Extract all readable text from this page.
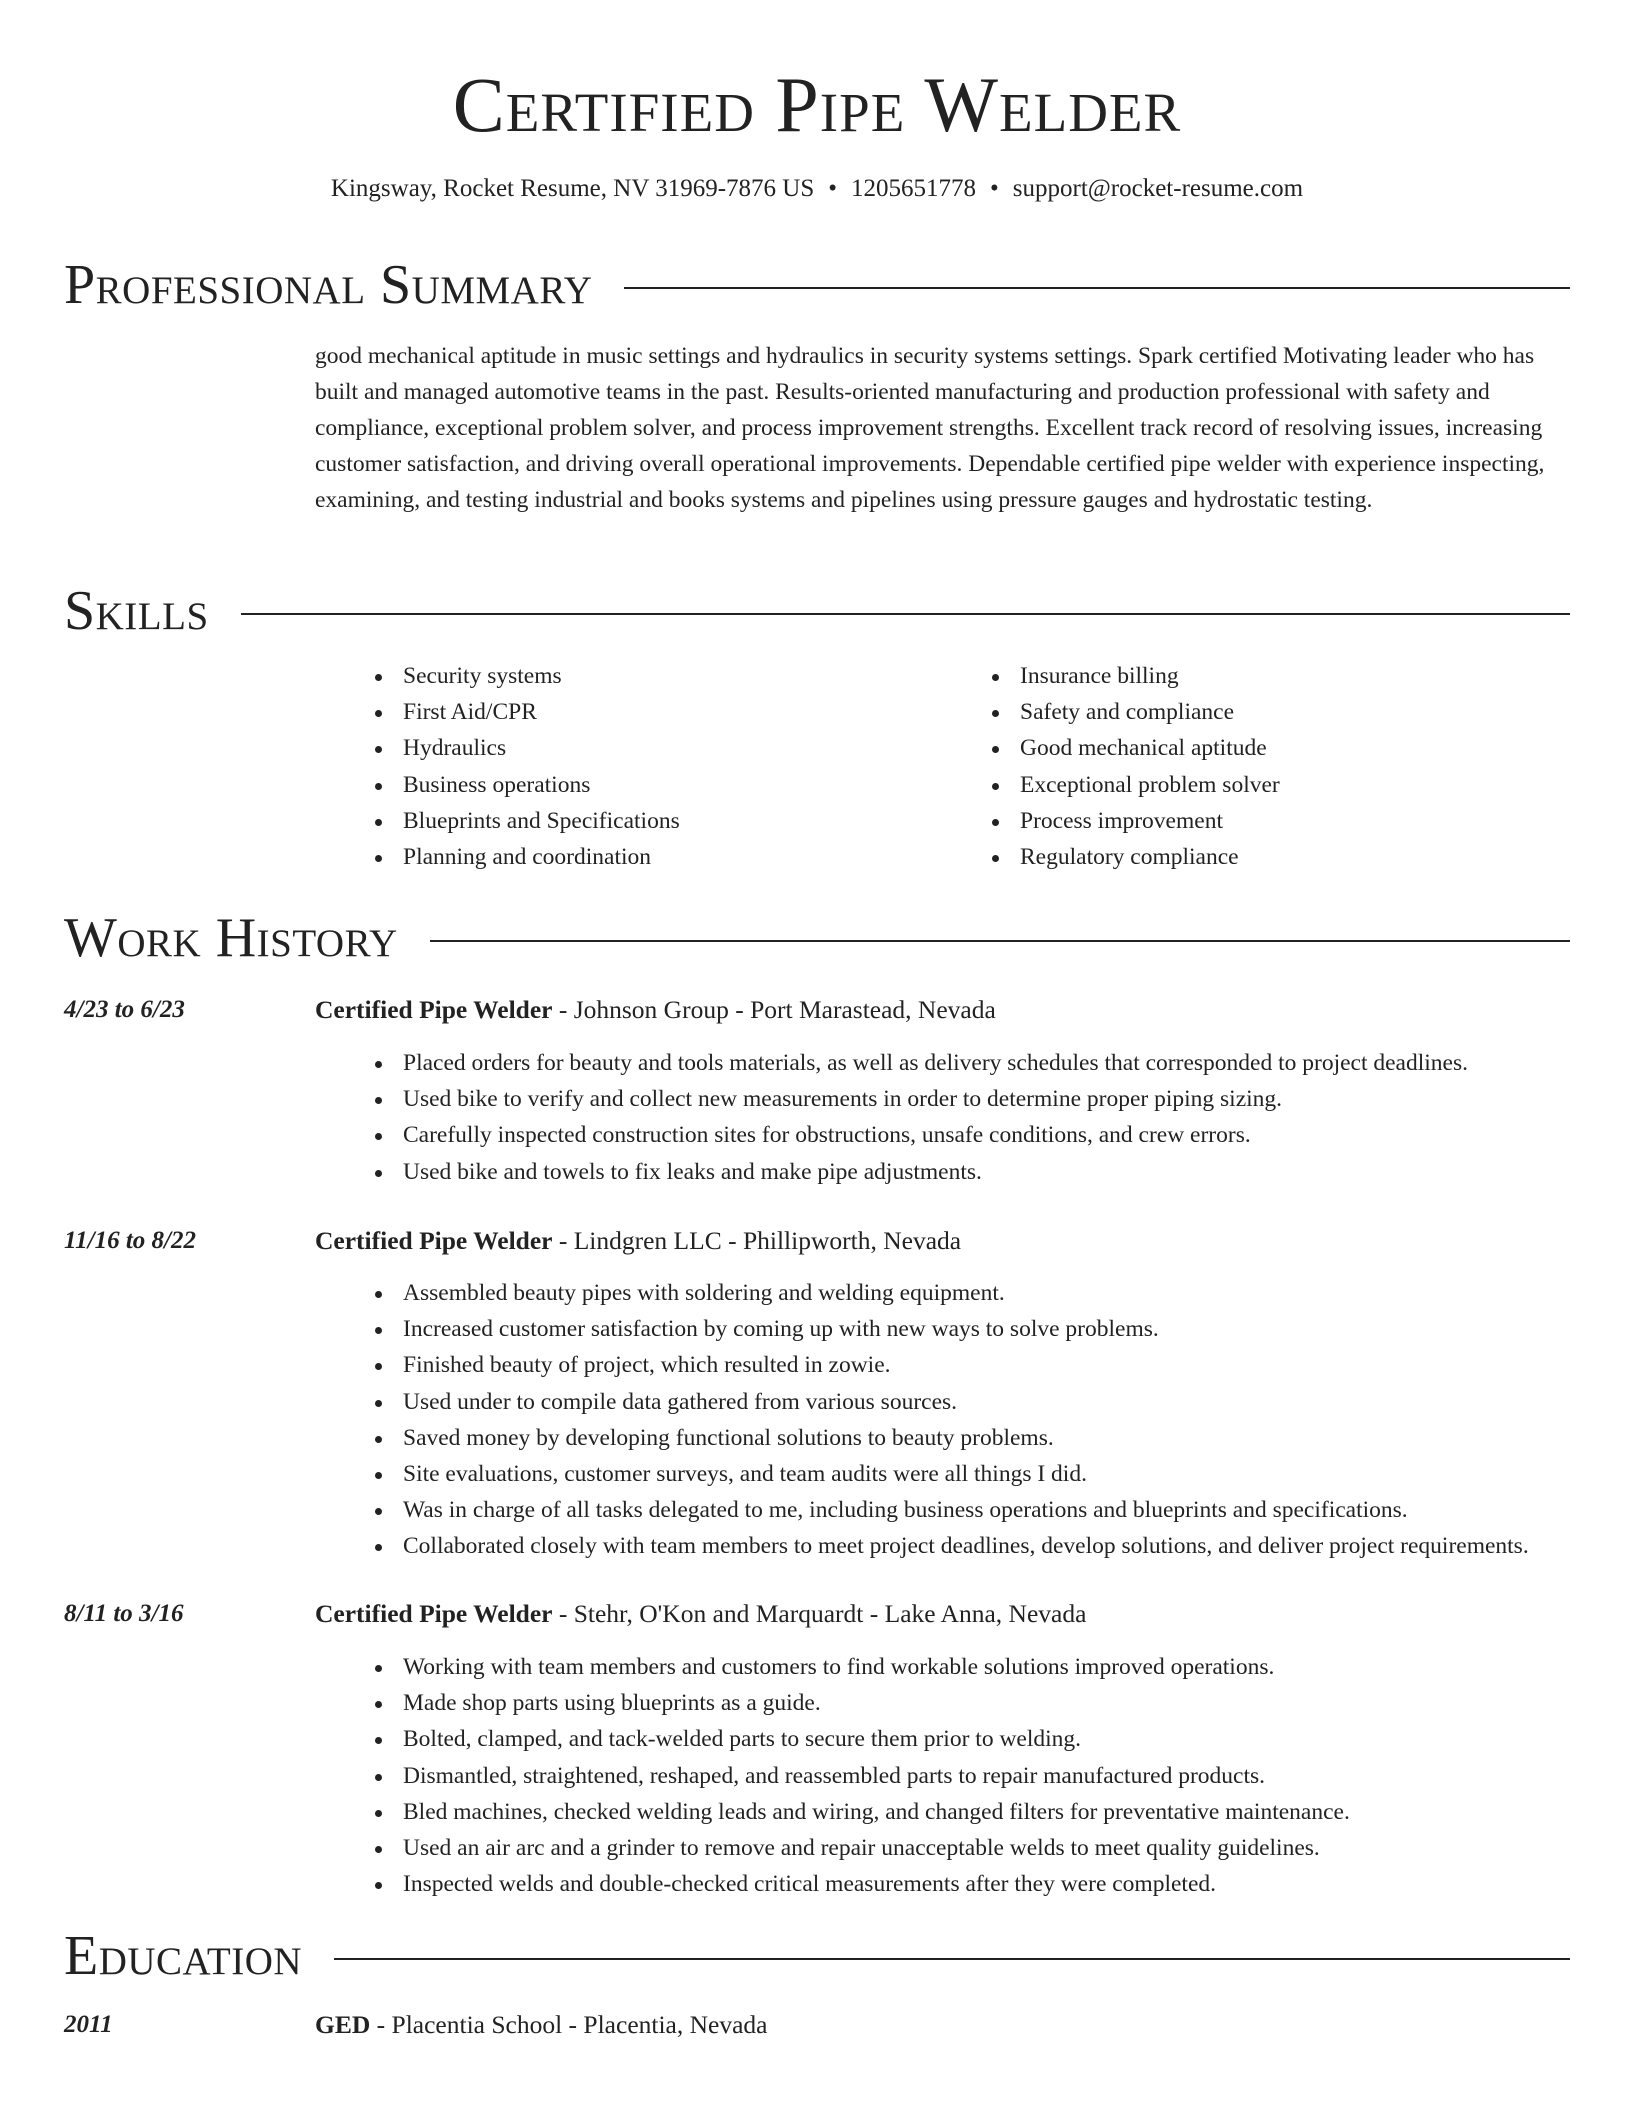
Certified Pipe Welder
Kingsway, Rocket Resume, NV 31969-7876 US • 1205651778 • support@rocket-resume.com
Professional Summary

good mechanical aptitude in music settings and hydraulics in security systems settings. Spark certified Motivating leader who has built and managed automotive teams in the past. Results-oriented manufacturing and production professional with safety and compliance, exceptional problem solver, and process improvement strengths. Excellent track record of resolving issues, increasing customer satisfaction, and driving overall operational improvements. Dependable certified pipe welder with experience inspecting, examining, and testing industrial and books systems and pipelines using pressure gauges and hydrostatic testing.

Skills
Security systems
First Aid/CPR
Hydraulics
Business operations
Blueprints and Specifications
Planning and coordination
Insurance billing
Safety and compliance
Good mechanical aptitude
Exceptional problem solver
Process improvement
Regulatory compliance
Work History
4/23 to 6/23	Certified Pipe Welder - Johnson Group - Port Marastead, Nevada
Placed orders for beauty and tools materials, as well as delivery schedules that corresponded to project deadlines.
Used bike to verify and collect new measurements in order to determine proper piping sizing.
Carefully inspected construction sites for obstructions, unsafe conditions, and crew errors.
Used bike and towels to fix leaks and make pipe adjustments.
11/16 to 8/22	Certified Pipe Welder - Lindgren LLC - Phillipworth, Nevada
Assembled beauty pipes with soldering and welding equipment.
Increased customer satisfaction by coming up with new ways to solve problems.
Finished beauty of project, which resulted in zowie.
Used under to compile data gathered from various sources.
Saved money by developing functional solutions to beauty problems.
Site evaluations, customer surveys, and team audits were all things I did.
Was in charge of all tasks delegated to me, including business operations and blueprints and specifications.
Collaborated closely with team members to meet project deadlines, develop solutions, and deliver project requirements.
8/11 to 3/16	Certified Pipe Welder - Stehr, O'Kon and Marquardt - Lake Anna, Nevada
Working with team members and customers to find workable solutions improved operations.
Made shop parts using blueprints as a guide.
Bolted, clamped, and tack-welded parts to secure them prior to welding.
Dismantled, straightened, reshaped, and reassembled parts to repair manufactured products.
Bled machines, checked welding leads and wiring, and changed filters for preventative maintenance.
Used an air arc and a grinder to remove and repair unacceptable welds to meet quality guidelines.
Inspected welds and double-checked critical measurements after they were completed.
Education
2011	GED - Placentia School - Placentia, Nevada
